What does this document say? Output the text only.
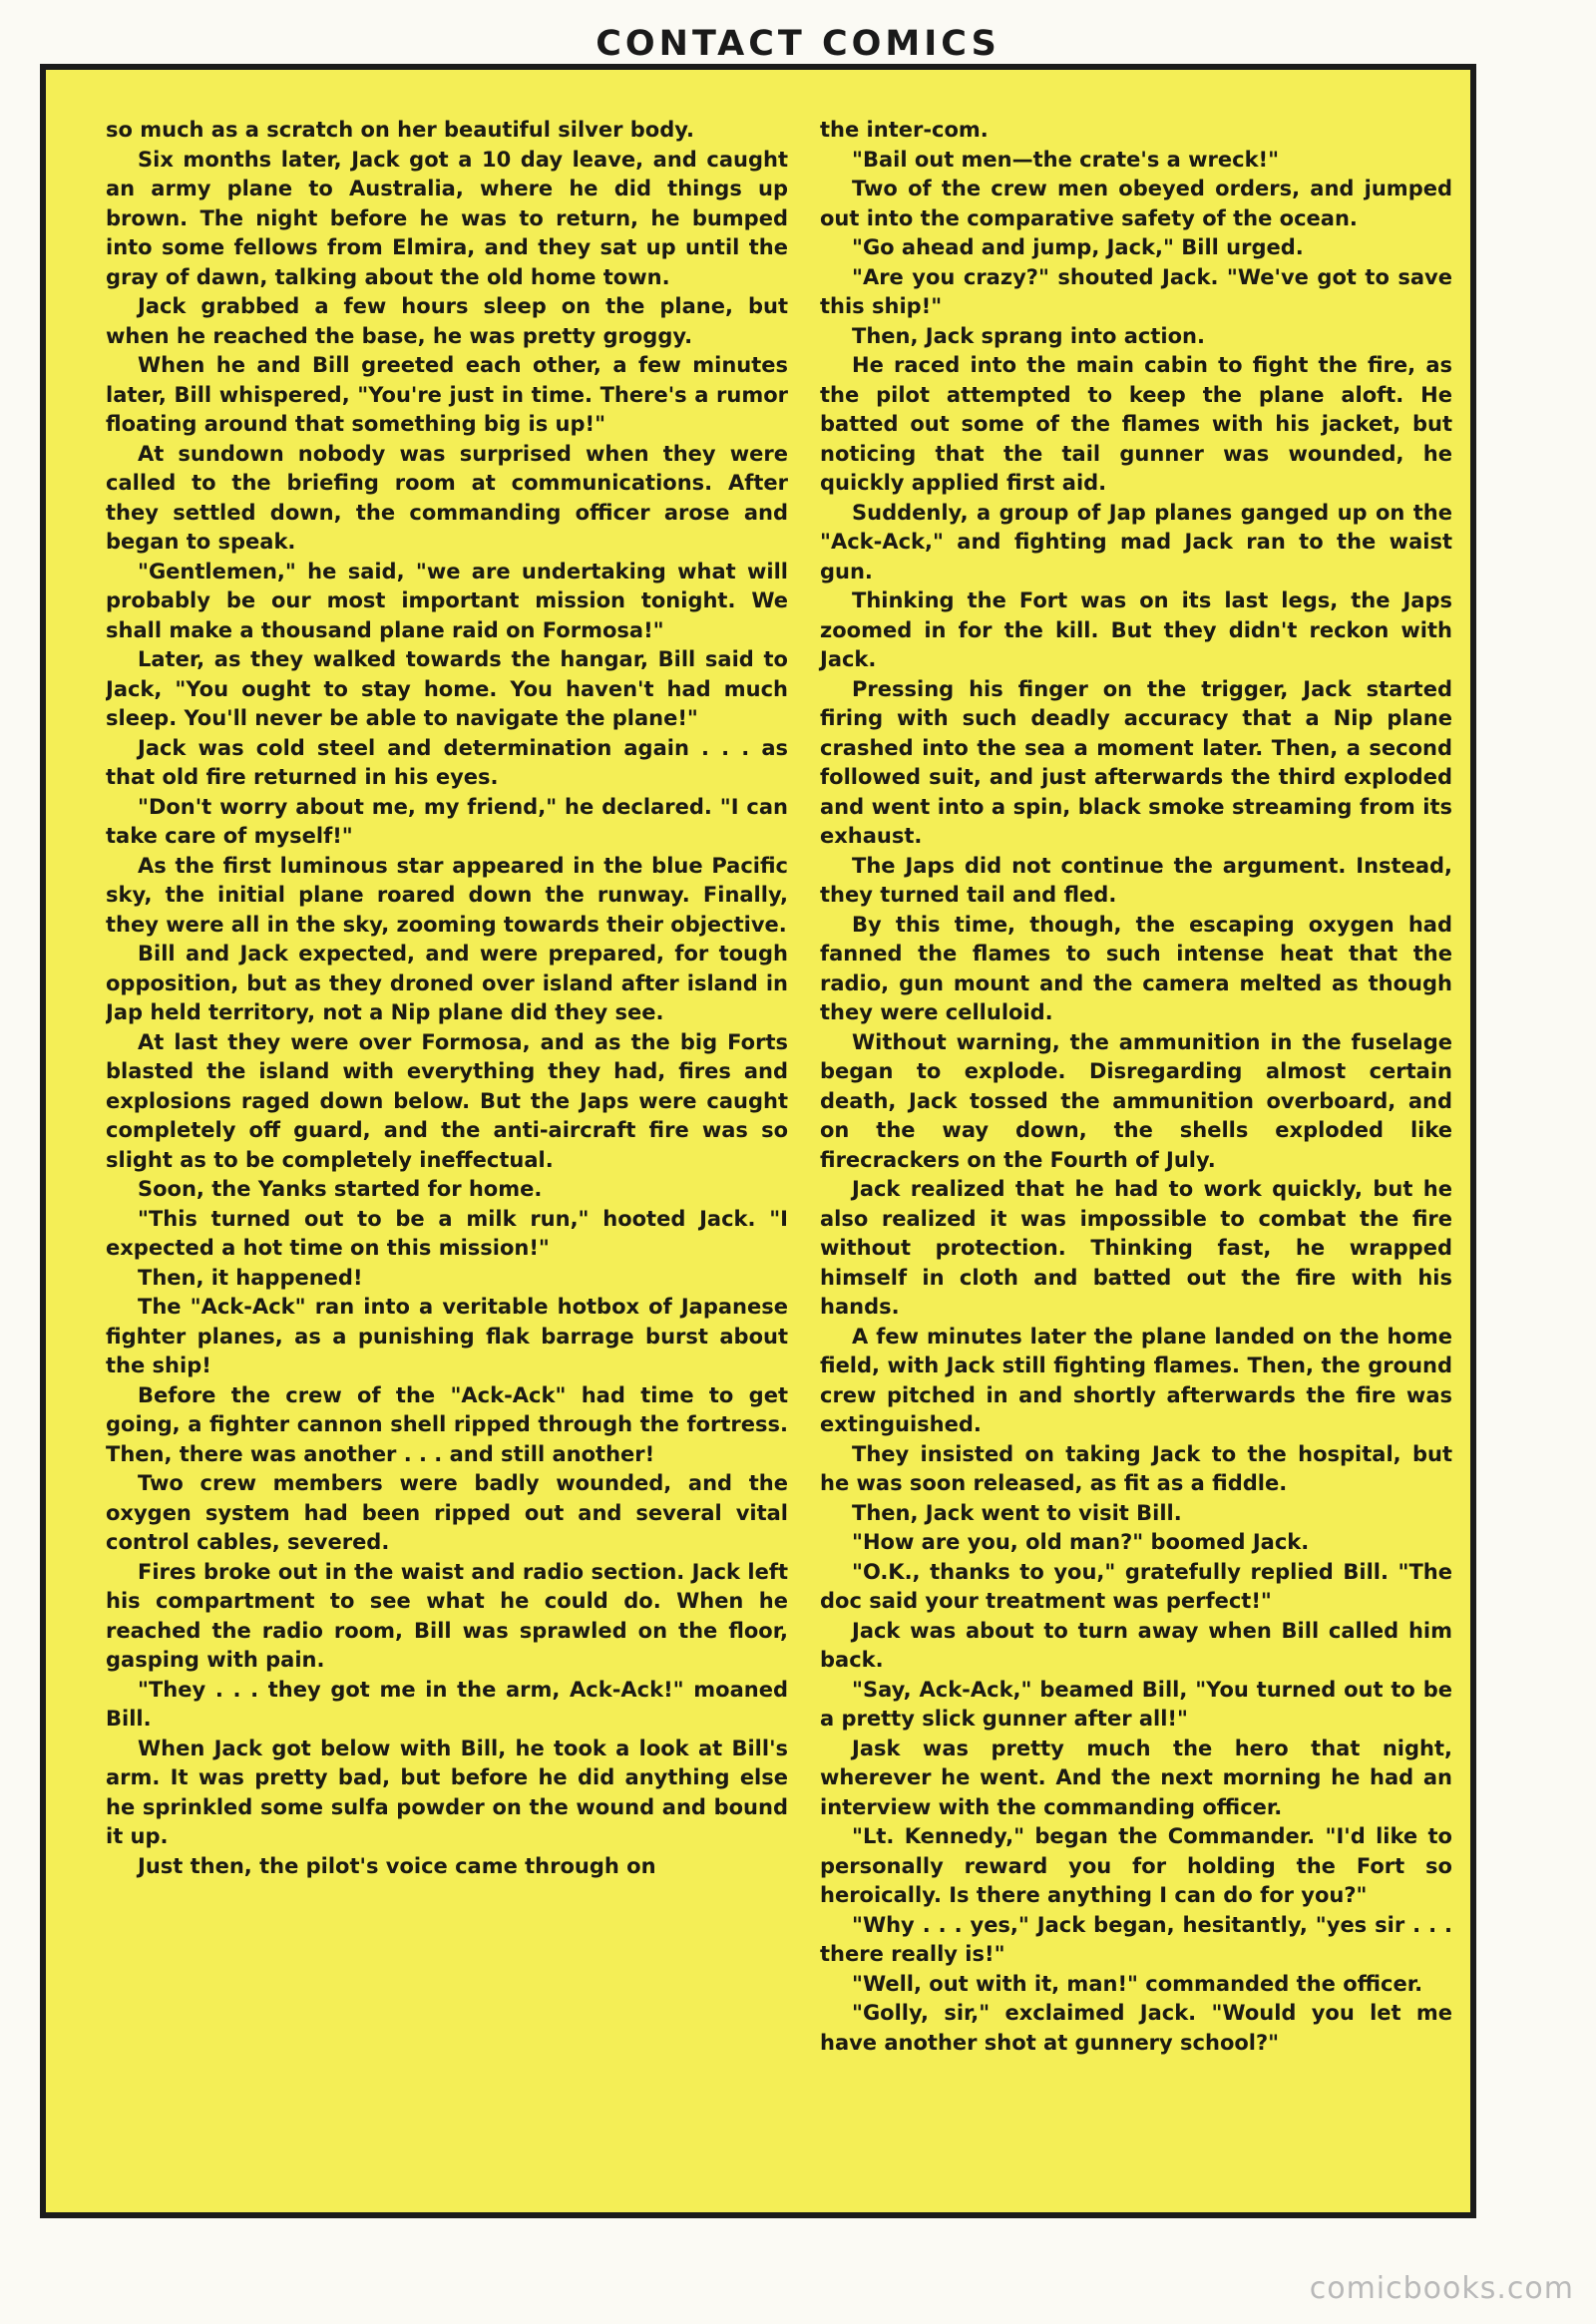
CONTACT COMICS

so much as a scratch on her beautiful silver body.

Six months later, Jack got a 10 day leave, and caught an army plane to Australia, where he did things up brown. The night before he was to return, he bumped into some fellows from Elmira, and they sat up until the gray of dawn, talking about the old home town.

Jack grabbed a few hours sleep on the plane, but when he reached the base, he was pretty groggy.

When he and Bill greeted each other, a few minutes later, Bill whispered, "You're just in time. There's a rumor floating around that something big is up!"

At sundown nobody was surprised when they were called to the briefing room at communications. After they settled down, the commanding officer arose and began to speak.

"Gentlemen," he said, "we are undertaking what will probably be our most important mission tonight. We shall make a thousand plane raid on Formosa!"

Later, as they walked towards the hangar, Bill said to Jack, "You ought to stay home. You haven't had much sleep. You'll never be able to navigate the plane!"

Jack was cold steel and determination again . . . as that old fire returned in his eyes.

"Don't worry about me, my friend," he declared. "I can take care of myself!"

As the first luminous star appeared in the blue Pacific sky, the initial plane roared down the runway. Finally, they were all in the sky, zooming towards their objective.

Bill and Jack expected, and were prepared, for tough opposition, but as they droned over island after island in Jap held territory, not a Nip plane did they see.

At last they were over Formosa, and as the big Forts blasted the island with everything they had, fires and explosions raged down below. But the Japs were caught completely off guard, and the anti-aircraft fire was so slight as to be completely ineffectual.

Soon, the Yanks started for home.

"This turned out to be a milk run," hooted Jack. "I expected a hot time on this mission!"

Then, it happened!

The "Ack-Ack" ran into a veritable hotbox of Japanese fighter planes, as a punishing flak barrage burst about the ship!

Before the crew of the "Ack-Ack" had time to get going, a fighter cannon shell ripped through the fortress. Then, there was another . . . and still another!

Two crew members were badly wounded, and the oxygen system had been ripped out and several vital control cables, severed.

Fires broke out in the waist and radio section. Jack left his compartment to see what he could do. When he reached the radio room, Bill was sprawled on the floor, gasping with pain.

"They . . . they got me in the arm, Ack-Ack!" moaned Bill.

When Jack got below with Bill, he took a look at Bill's arm. It was pretty bad, but before he did anything else he sprinkled some sulfa powder on the wound and bound it up.

Just then, the pilot's voice came through on

the inter-com.

"Bail out men—the crate's a wreck!"

Two of the crew men obeyed orders, and jumped out into the comparative safety of the ocean.

"Go ahead and jump, Jack," Bill urged.

"Are you crazy?" shouted Jack. "We've got to save this ship!"

Then, Jack sprang into action.

He raced into the main cabin to fight the fire, as the pilot attempted to keep the plane aloft. He batted out some of the flames with his jacket, but noticing that the tail gunner was wounded, he quickly applied first aid.

Suddenly, a group of Jap planes ganged up on the "Ack-Ack," and fighting mad Jack ran to the waist gun.

Thinking the Fort was on its last legs, the Japs zoomed in for the kill. But they didn't reckon with Jack.

Pressing his finger on the trigger, Jack started firing with such deadly accuracy that a Nip plane crashed into the sea a moment later. Then, a second followed suit, and just afterwards the third exploded and went into a spin, black smoke streaming from its exhaust.

The Japs did not continue the argument. Instead, they turned tail and fled.

By this time, though, the escaping oxygen had fanned the flames to such intense heat that the radio, gun mount and the camera melted as though they were celluloid.

Without warning, the ammunition in the fuselage began to explode. Disregarding almost certain death, Jack tossed the ammunition overboard, and on the way down, the shells exploded like firecrackers on the Fourth of July.

Jack realized that he had to work quickly, but he also realized it was impossible to combat the fire without protection. Thinking fast, he wrapped himself in cloth and batted out the fire with his hands.

A few minutes later the plane landed on the home field, with Jack still fighting flames. Then, the ground crew pitched in and shortly afterwards the fire was extinguished.

They insisted on taking Jack to the hospital, but he was soon released, as fit as a fiddle.

Then, Jack went to visit Bill.

"How are you, old man?" boomed Jack.

"O.K., thanks to you," gratefully replied Bill. "The doc said your treatment was perfect!"

Jack was about to turn away when Bill called him back.

"Say, Ack-Ack," beamed Bill, "You turned out to be a pretty slick gunner after all!"

Jask was pretty much the hero that night, wherever he went. And the next morning he had an interview with the commanding officer.

"Lt. Kennedy," began the Commander. "I'd like to personally reward you for holding the Fort so heroically. Is there anything I can do for you?"

"Why . . . yes," Jack began, hesitantly, "yes sir . . . there really is!"

"Well, out with it, man!" commanded the officer.

"Golly, sir," exclaimed Jack. "Would you let me have another shot at gunnery school?"

comicbooks.com
